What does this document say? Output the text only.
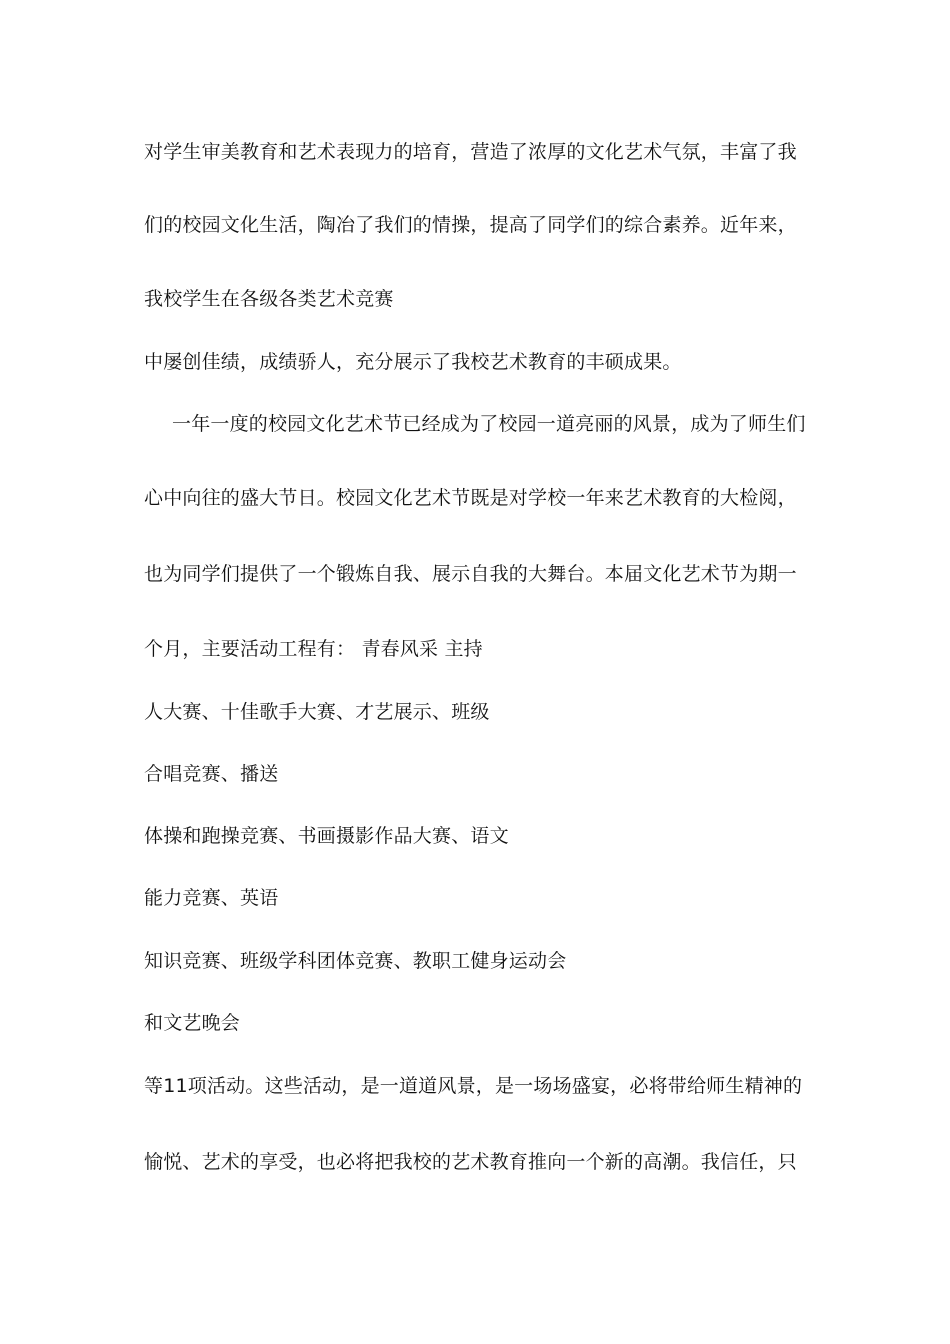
对学生审美教育和艺术表现力的培育，营造了浓厚的文化艺术气氛，丰富了我
们的校园文化生活，陶冶了我们的情操，提高了同学们的综合素养。近年来，
我校学生在各级各类艺术竞赛
中屡创佳绩，成绩骄人，充分展示了我校艺术教育的丰硕成果。
一年一度的校园文化艺术节已经成为了校园一道亮丽的风景，成为了师生们
心中向往的盛大节日。校园文化艺术节既是对学校一年来艺术教育的大检阅，
也为同学们提供了一个锻炼自我、展示自我的大舞台。本届文化艺术节为期一
个月，主要活动工程有： 青春风采 主持
人大赛、十佳歌手大赛、才艺展示、班级
合唱竞赛、播送
体操和跑操竞赛、书画摄影作品大赛、语文
能力竞赛、英语
知识竞赛、班级学科团体竞赛、教职工健身运动会
和文艺晚会
等11项活动。这些活动，是一道道风景，是一场场盛宴，必将带给师生精神的
愉悦、艺术的享受，也必将把我校的艺术教育推向一个新的高潮。我信任，只
